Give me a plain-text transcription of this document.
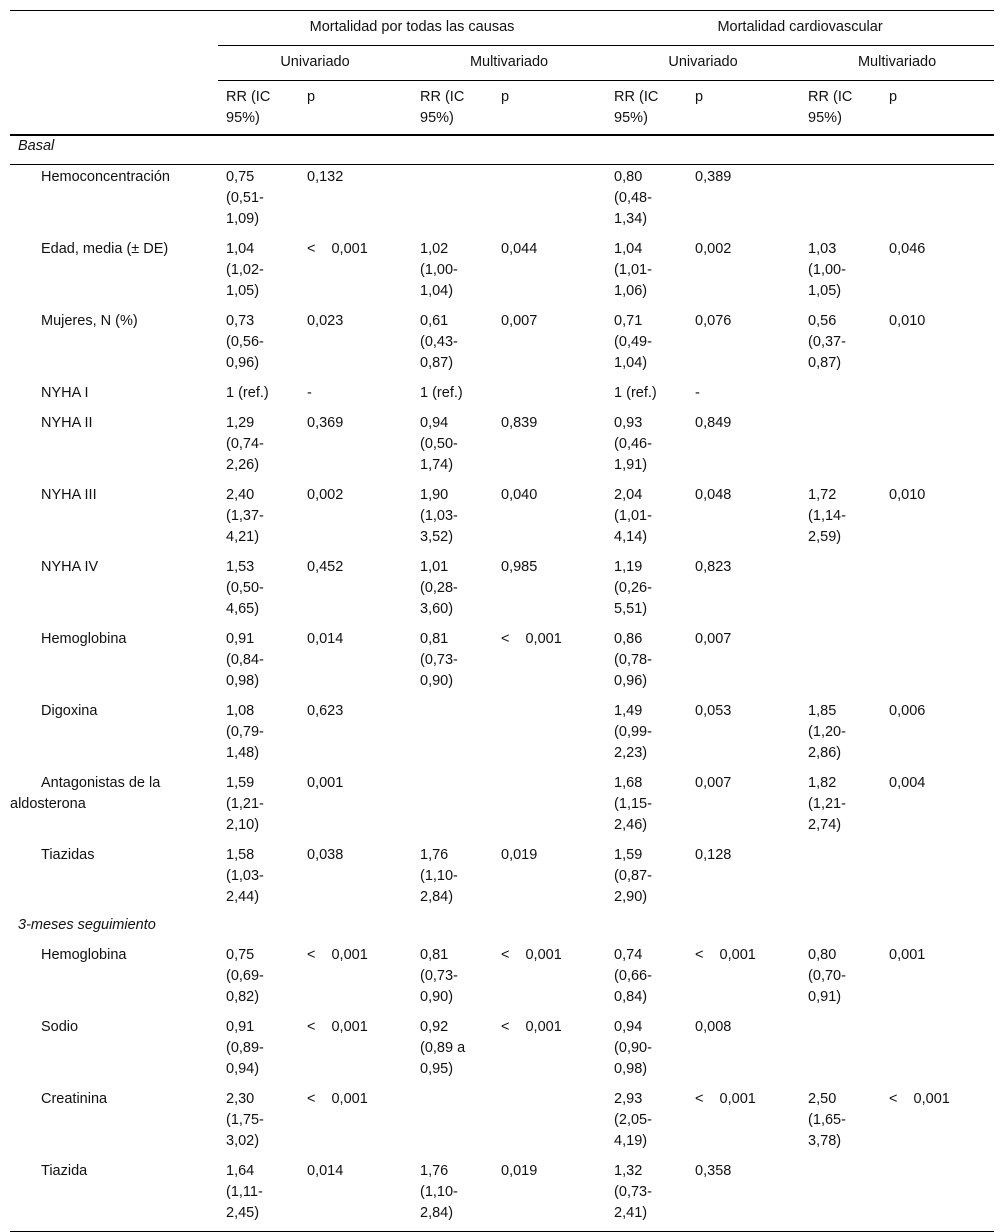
	Mortalidad por todas las causas				Mortalidad cardiovascular			
	Univariado		Multivariado		Univariado		Multivariado	
	RR (IC 95%)	p	RR (IC 95%)	p	RR (IC 95%)	p	RR (IC 95%)	p
Basal								
Hemoconcentración	0,75 (0,51-1,09)	0,132			0,80 (0,48-1,34)	0,389		
Edad, media (± DE)	1,04 (1,02-1,05)	< 0,001	1,02 (1,00-1,04)	0,044	1,04 (1,01-1,06)	0,002	1,03 (1,00-1,05)	0,046
Mujeres, N (%)	0,73 (0,56-0,96)	0,023	0,61 (0,43-0,87)	0,007	0,71 (0,49-1,04)	0,076	0,56 (0,37-0,87)	0,010
NYHA I	1 (ref.)	-	1 (ref.)		1 (ref.)	-		
NYHA II	1,29 (0,74-2,26)	0,369	0,94 (0,50-1,74)	0,839	0,93 (0,46-1,91)	0,849		
NYHA III	2,40 (1,37-4,21)	0,002	1,90 (1,03-3,52)	0,040	2,04 (1,01-4,14)	0,048	1,72 (1,14-2,59)	0,010
NYHA IV	1,53 (0,50-4,65)	0,452	1,01 (0,28-3,60)	0,985	1,19 (0,26-5,51)	0,823		
Hemoglobina	0,91 (0,84-0,98)	0,014	0,81 (0,73-0,90)	< 0,001	0,86 (0,78-0,96)	0,007		
Digoxina	1,08 (0,79-1,48)	0,623			1,49 (0,99-2,23)	0,053	1,85 (1,20-2,86)	0,006
Antagonistas de la aldosterona	1,59 (1,21-2,10)	0,001			1,68 (1,15-2,46)	0,007	1,82 (1,21-2,74)	0,004
Tiazidas	1,58 (1,03-2,44)	0,038	1,76 (1,10-2,84)	0,019	1,59 (0,87-2,90)	0,128		
3-meses seguimiento								
Hemoglobina	0,75 (0,69-0,82)	< 0,001	0,81 (0,73-0,90)	< 0,001	0,74 (0,66-0,84)	< 0,001	0,80 (0,70-0,91)	0,001
Sodio	0,91 (0,89-0,94)	< 0,001	0,92 (0,89 a 0,95)	< 0,001	0,94 (0,90-0,98)	0,008		
Creatinina	2,30 (1,75-3,02)	< 0,001			2,93 (2,05-4,19)	< 0,001	2,50 (1,65-3,78)	< 0,001
Tiazida	1,64 (1,11-2,45)	0,014	1,76 (1,10-2,84)	0,019	1,32 (0,73-2,41)	0,358		
